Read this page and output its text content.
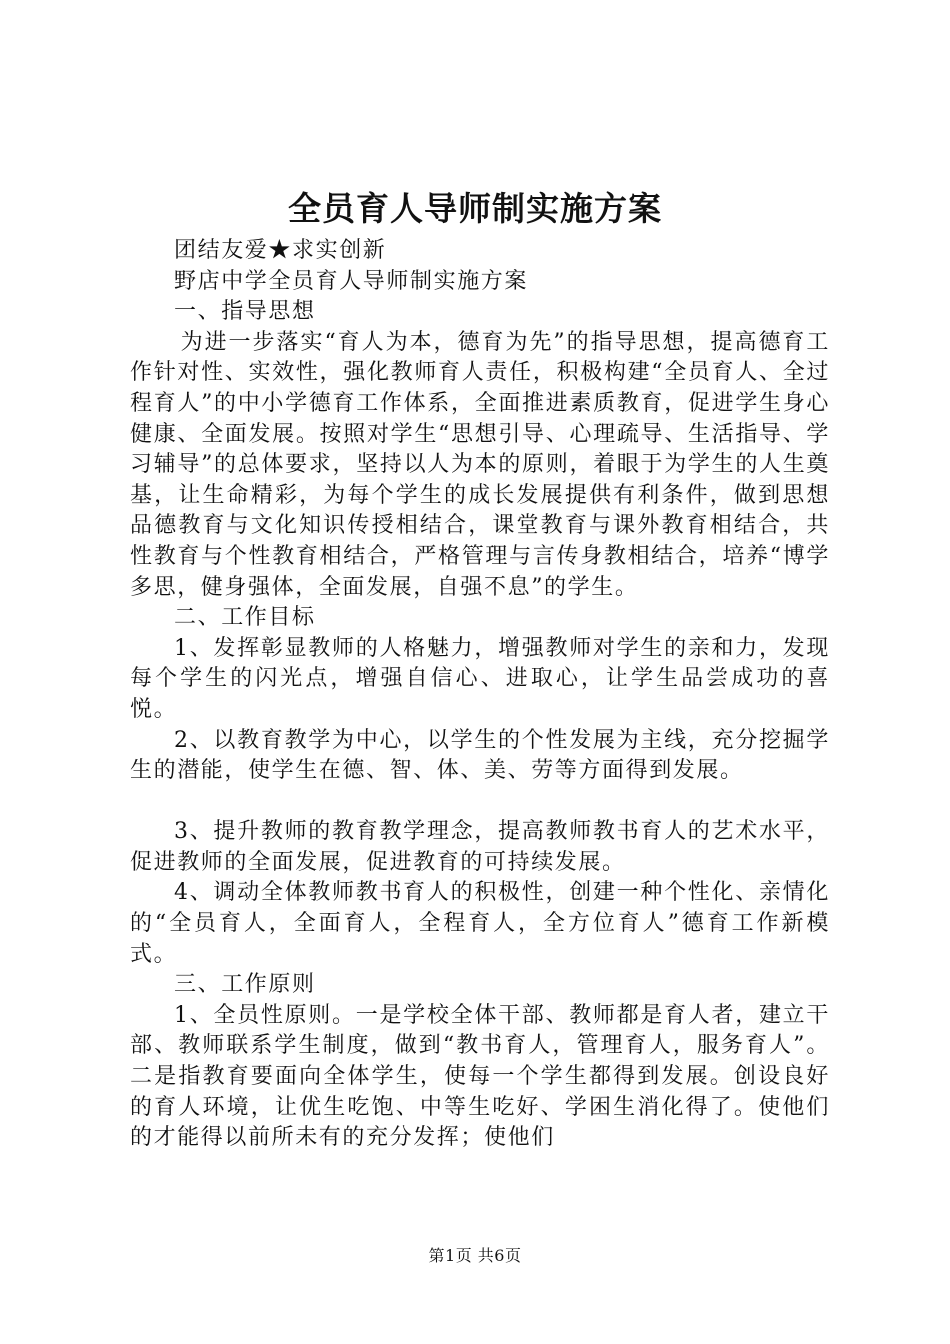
全员育人导师制实施方案

团结友爱★求实创新

野店中学全员育人导师制实施方案

一、指导思想

为进一步落实“育人为本，德育为先”的指导思想，提高德育工作针对性、实效性，强化教师育人责任，积极构建“全员育人、全过程育人”的中小学德育工作体系，全面推进素质教育，促进学生身心健康、全面发展。按照对学生“思想引导、心理疏导、生活指导、学习辅导”的总体要求，坚持以人为本的原则，着眼于为学生的人生奠基，让生命精彩，为每个学生的成长发展提供有利条件，做到思想品德教育与文化知识传授相结合，课堂教育与课外教育相结合，共性教育与个性教育相结合，严格管理与言传身教相结合，培养“博学多思，健身强体，全面发展，自强不息”的学生。

二、工作目标

1、发挥彰显教师的人格魅力，增强教师对学生的亲和力，发现每个学生的闪光点，增强自信心、进取心，让学生品尝成功的喜悦。

2、以教育教学为中心，以学生的个性发展为主线，充分挖掘学生的潜能，使学生在德、智、体、美、劳等方面得到发展。

3、提升教师的教育教学理念，提高教师教书育人的艺术水平，促进教师的全面发展，促进教育的可持续发展。

4、调动全体教师教书育人的积极性，创建一种个性化、亲情化的“全员育人，全面育人，全程育人，全方位育人”德育工作新模式。

三、工作原则

1、全员性原则。一是学校全体干部、教师都是育人者，建立干部、教师联系学生制度，做到“教书育人，管理育人，服务育人”。二是指教育要面向全体学生，使每一个学生都得到发展。创设良好的育人环境，让优生吃饱、中等生吃好、学困生消化得了。使他们的才能得以前所未有的充分发挥；使他们

第1页 共6页
